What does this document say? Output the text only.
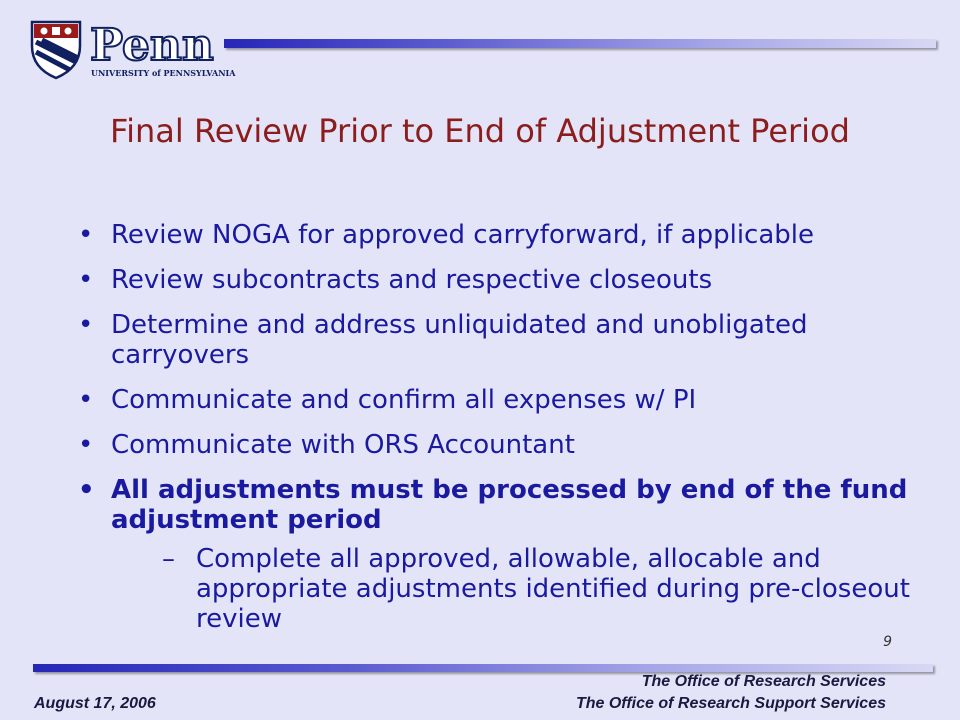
Penn
UNIVERSITY of PENNSYLVANIA
Final Review Prior to End of Adjustment Period
• Review NOGA for approved carryforward, if applicable
• Review subcontracts and respective closeouts
• Determine and address unliquidated and unobligated carryovers
• Communicate and confirm all expenses w/ PI
• Communicate with ORS Accountant
• All adjustments must be processed by end of the fund adjustment period
– Complete all approved, allowable, allocable and appropriate adjustments identified during pre-closeout review
9
The Office of Research Services
August 17, 2006	The Office of Research Support Services
